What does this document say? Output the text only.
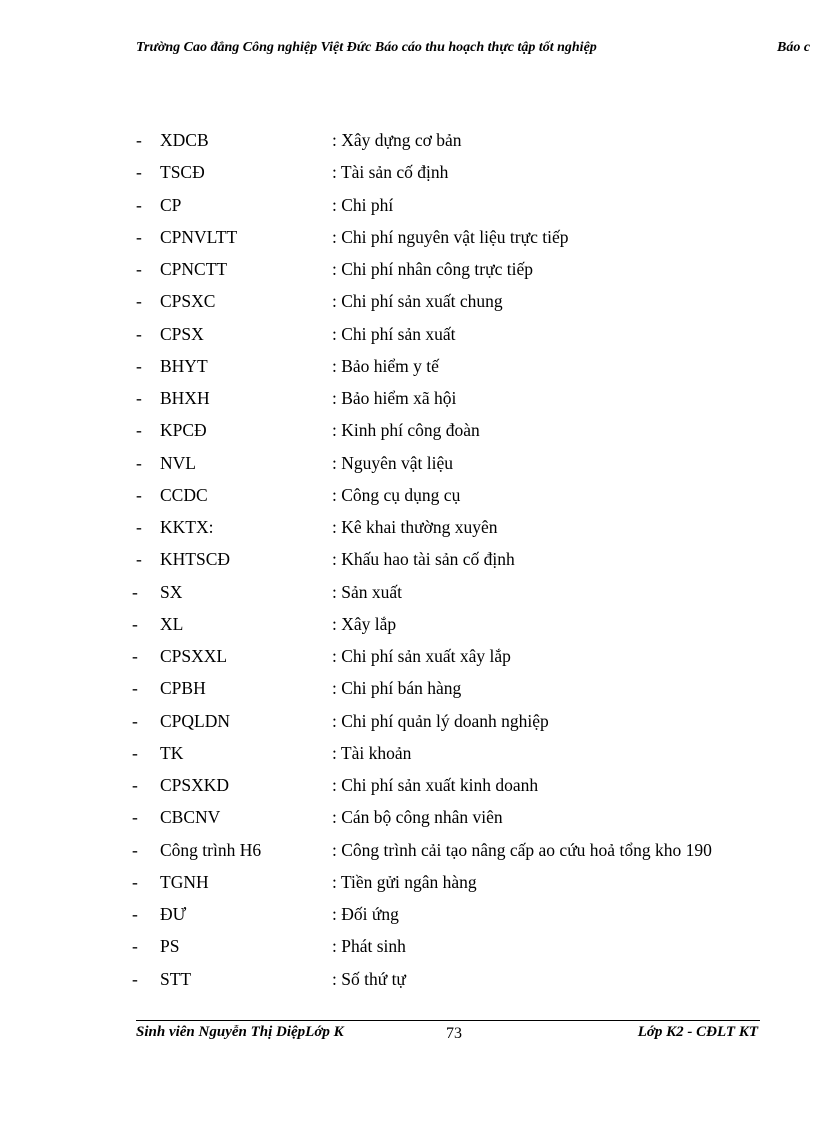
Trường Cao đẳng Công nghiệp Việt Đức Báo cáo thu hoạch thực tập tốt nghiệp	Báo c
- XDCB	: Xây dựng cơ bản
- TSCĐ	: Tài sản cố định
- CP	: Chi phí
- CPNVLTT	: Chi phí nguyên vật liệu trực tiếp
- CPNCTT	: Chi phí nhân công trực tiếp
- CPSXC	: Chi phí sản xuất chung
- CPSX	: Chi phí sản xuất
- BHYT	: Bảo hiểm y tế
- BHXH	: Bảo hiểm xã hội
- KPCĐ	: Kinh phí công đoàn
- NVL	: Nguyên vật liệu
- CCDC	: Công cụ dụng cụ
- KKTX:	: Kê khai thường xuyên
- KHTSCĐ	: Khấu hao tài sản cố định
- SX	: Sản xuất
- XL	: Xây lắp
- CPSXXL	: Chi phí sản xuất xây lắp
- CPBH	: Chi phí bán hàng
- CPQLDN	: Chi phí quản lý doanh nghiệp
- TK	: Tài khoản
- CPSXKD	: Chi phí sản xuất kinh doanh
- CBCNV	: Cán bộ công nhân viên
- Công trình H6	: Công trình cải tạo nâng cấp ao cứu hoả tổng kho 190
- TGNH	: Tiền gửi ngân hàng
- ĐƯ	: Đối ứng
- PS	: Phát sinh
- STT	: Số thứ tự
Sinh viên Nguyễn Thị DiệpLớp K	73	Lớp K2 - CĐLT KT
